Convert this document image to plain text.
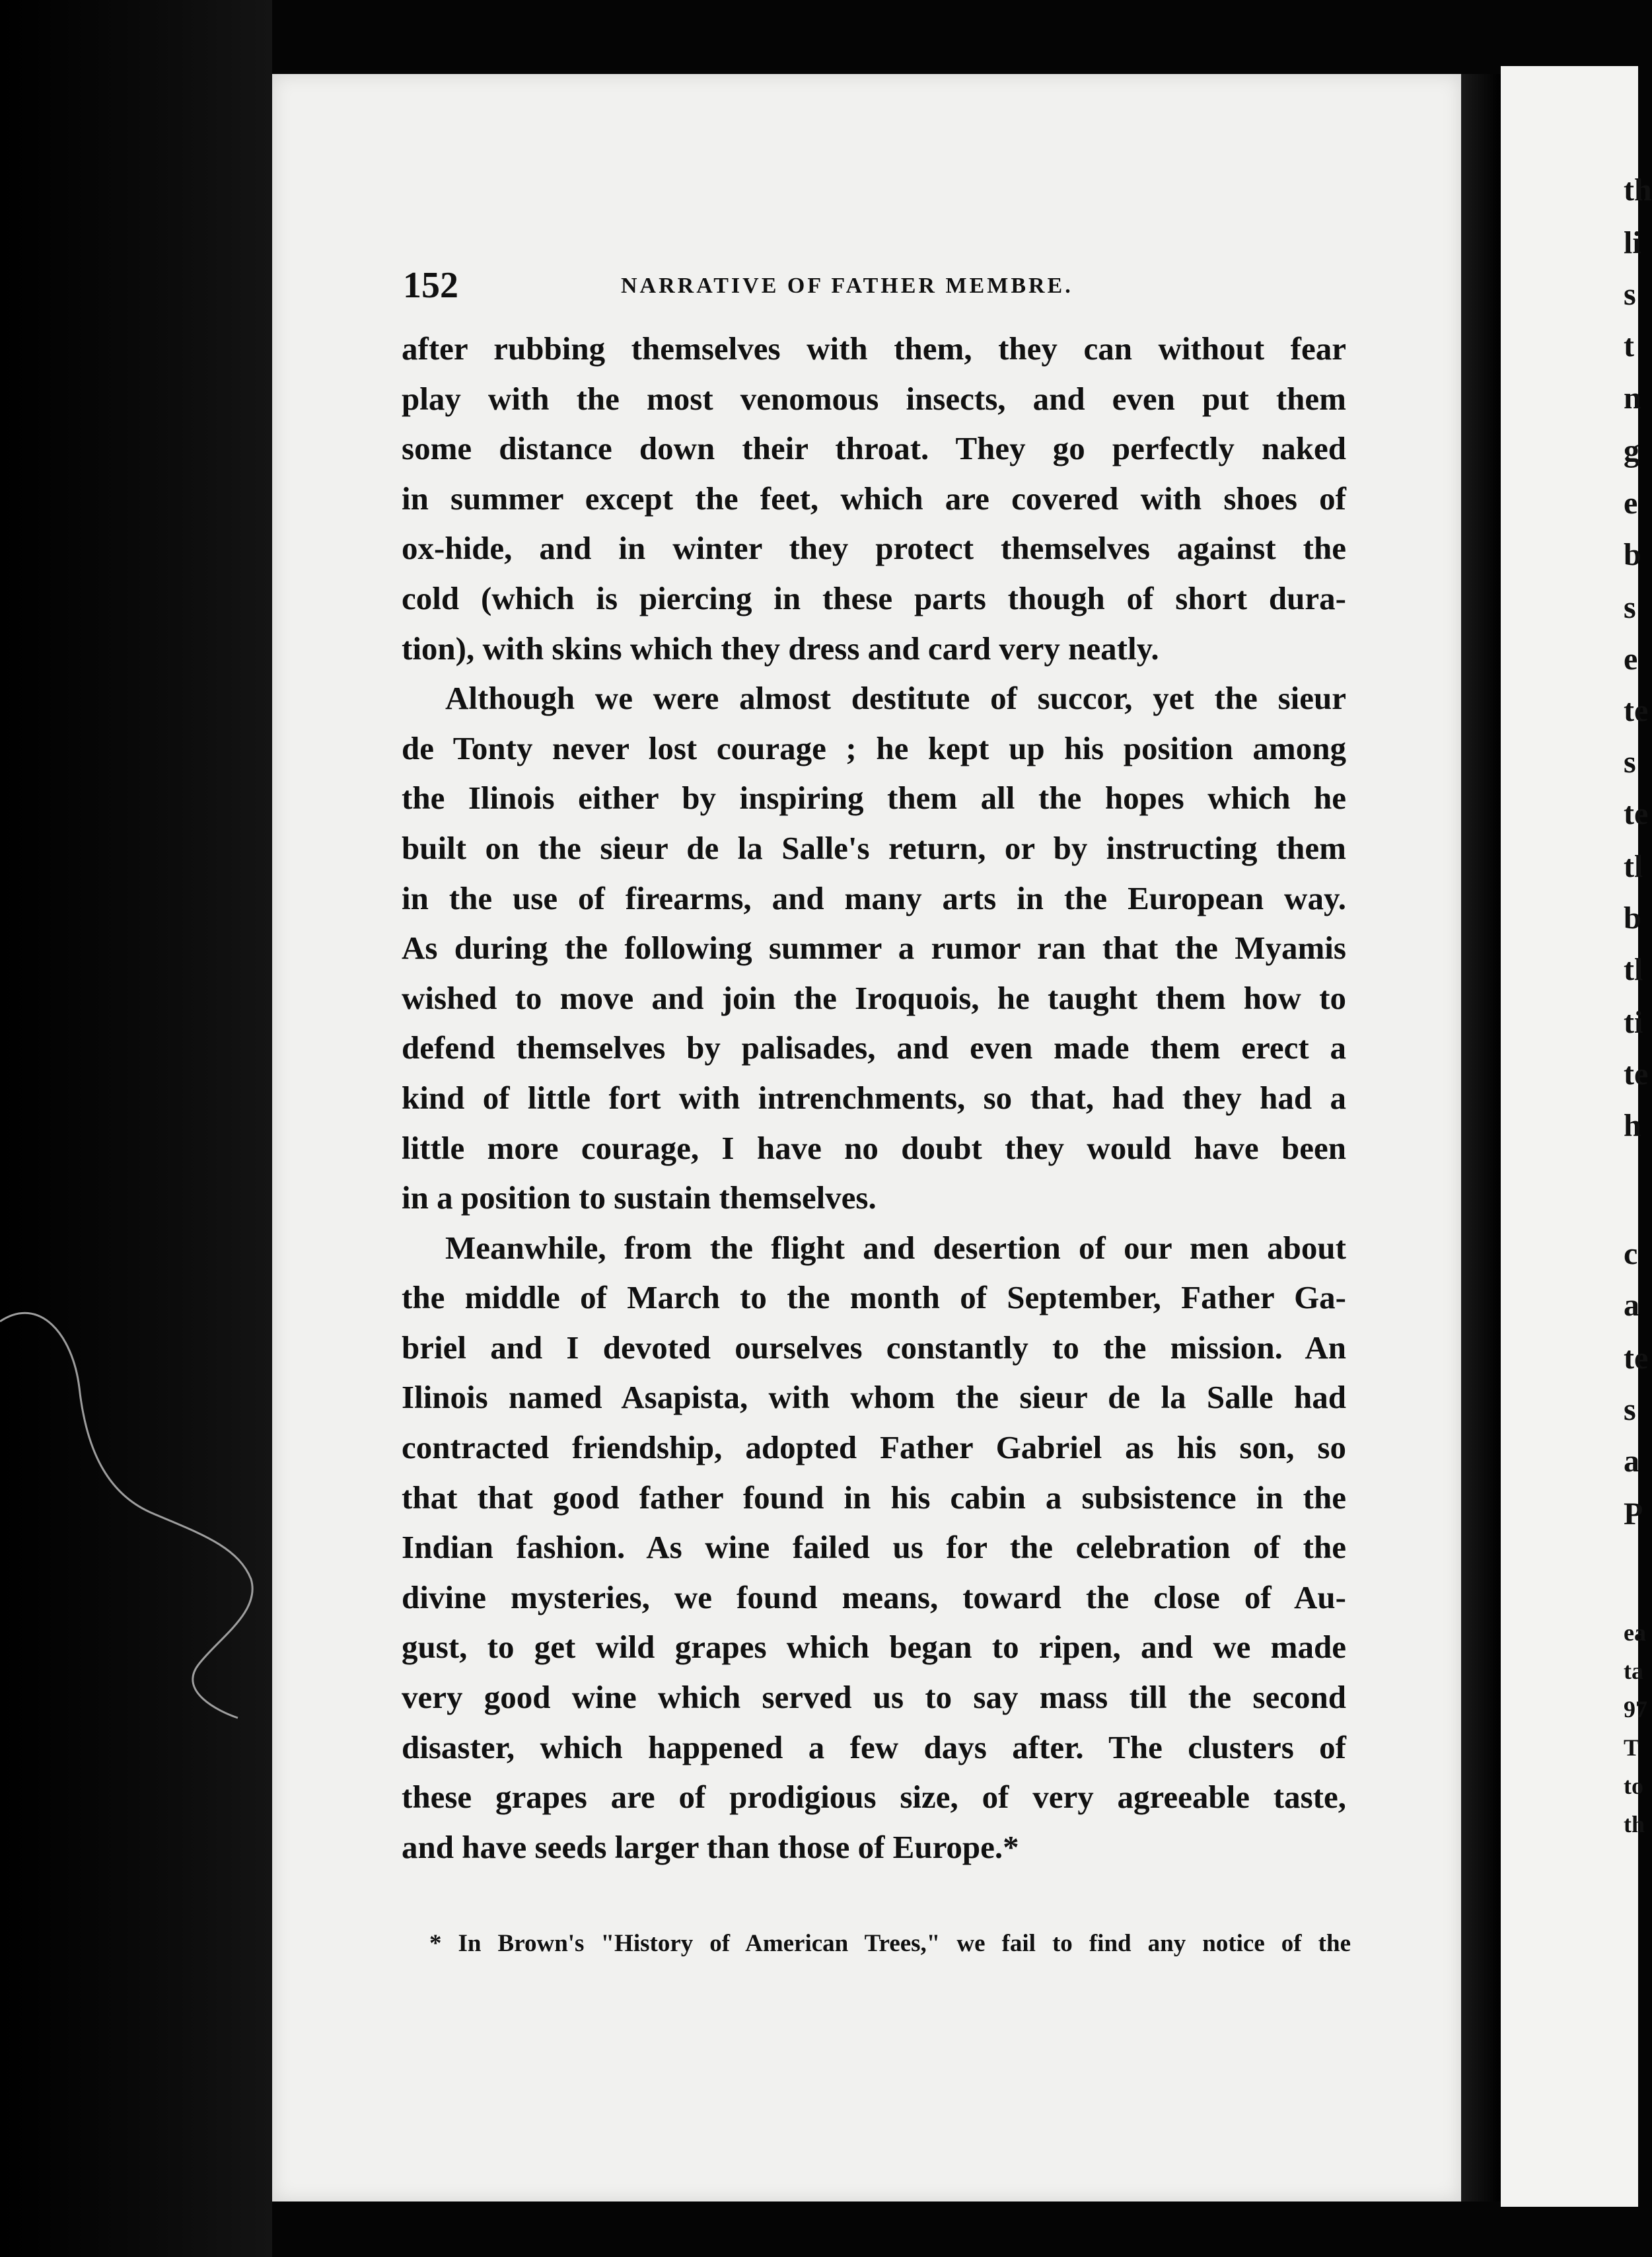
th
li
s
t
n
g
e
b
s
e
te
s
te
tl
b
tl
ti
te
h
c
a
te
s
a
P
ea
ta
97
T
to
th
152	NARRATIVE OF FATHER MEMBRE.
after rubbing themselves with them, they can without fear
play with the most venomous insects, and even put them
some distance down their throat. They go perfectly naked
in summer except the feet, which are covered with shoes of
ox-hide, and in winter they protect themselves against the
cold (which is piercing in these parts though of short dura-
tion), with skins which they dress and card very neatly.
Although we were almost destitute of succor, yet the sieur
de Tonty never lost courage ; he kept up his position among
the Ilinois either by inspiring them all the hopes which he
built on the sieur de la Salle's return, or by instructing them
in the use of firearms, and many arts in the European way.
As during the following summer a rumor ran that the Myamis
wished to move and join the Iroquois, he taught them how to
defend themselves by palisades, and even made them erect a
kind of little fort with intrenchments, so that, had they had a
little more courage, I have no doubt they would have been
in a position to sustain themselves.
Meanwhile, from the flight and desertion of our men about
the middle of March to the month of September, Father Ga-
briel and I devoted ourselves constantly to the mission. An
Ilinois named Asapista, with whom the sieur de la Salle had
contracted friendship, adopted Father Gabriel as his son, so
that that good father found in his cabin a subsistence in the
Indian fashion. As wine failed us for the celebration of the
divine mysteries, we found means, toward the close of Au-
gust, to get wild grapes which began to ripen, and we made
very good wine which served us to say mass till the second
disaster, which happened a few days after. The clusters of
these grapes are of prodigious size, of very agreeable taste,
and have seeds larger than those of Europe.*
* In Brown's "History of American Trees," we fail to find any notice of the
